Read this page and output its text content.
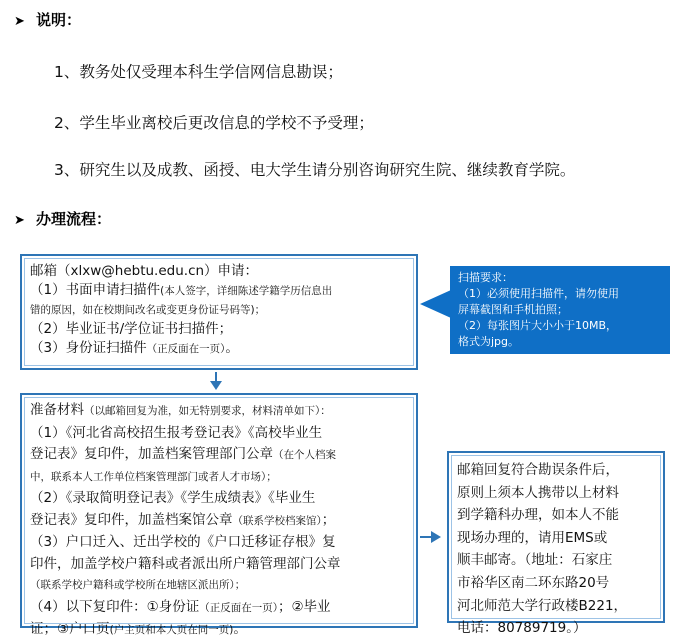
➤ 说明：
1、教务处仅受理本科生学信网信息勘误；
2、学生毕业离校后更改信息的学校不予受理；
3、研究生以及成教、函授、电大学生请分别咨询研究生院、继续教育学院。
➤ 办理流程：
邮箱（xlxw@hebtu.edu.cn）申请：
（1）书面申请扫描件(本人签字，详细陈述学籍学历信息出
错的原因，如在校期间改名或变更身份证号码等)；
（2）毕业证书/学位证书扫描件；
（3）身份证扫描件（正反面在一页）。
扫描要求：
（1）必须使用扫描件，请勿使用
屏幕截图和手机拍照；
（2）每张图片大小小于10MB，
格式为jpg。
准备材料（以邮箱回复为准，如无特别要求，材料清单如下）：
（1）《河北省高校招生报考登记表》《高校毕业生
登记表》复印件，加盖档案管理部门公章（在个人档案
中，联系本人工作单位档案管理部门或者人才市场）；
（2）《录取简明登记表》《学生成绩表》《毕业生
登记表》复印件，加盖档案馆公章（联系学校档案馆）；
（3）户口迁入、迁出学校的《户口迁移证存根》复
印件，加盖学校户籍科或者派出所户籍管理部门公章
（联系学校户籍科或学校所在地辖区派出所）；
（4）以下复印件：①身份证（正反面在一页）；②毕业
证；③户口页(户主页和本人页在同一页)。
邮箱回复符合勘误条件后，
原则上须本人携带以上材料
到学籍科办理，如本人不能
现场办理的，请用EMS或
顺丰邮寄。（地址：石家庄
市裕华区南二环东路20号
河北师范大学行政楼B221，
电话：80789719。）
